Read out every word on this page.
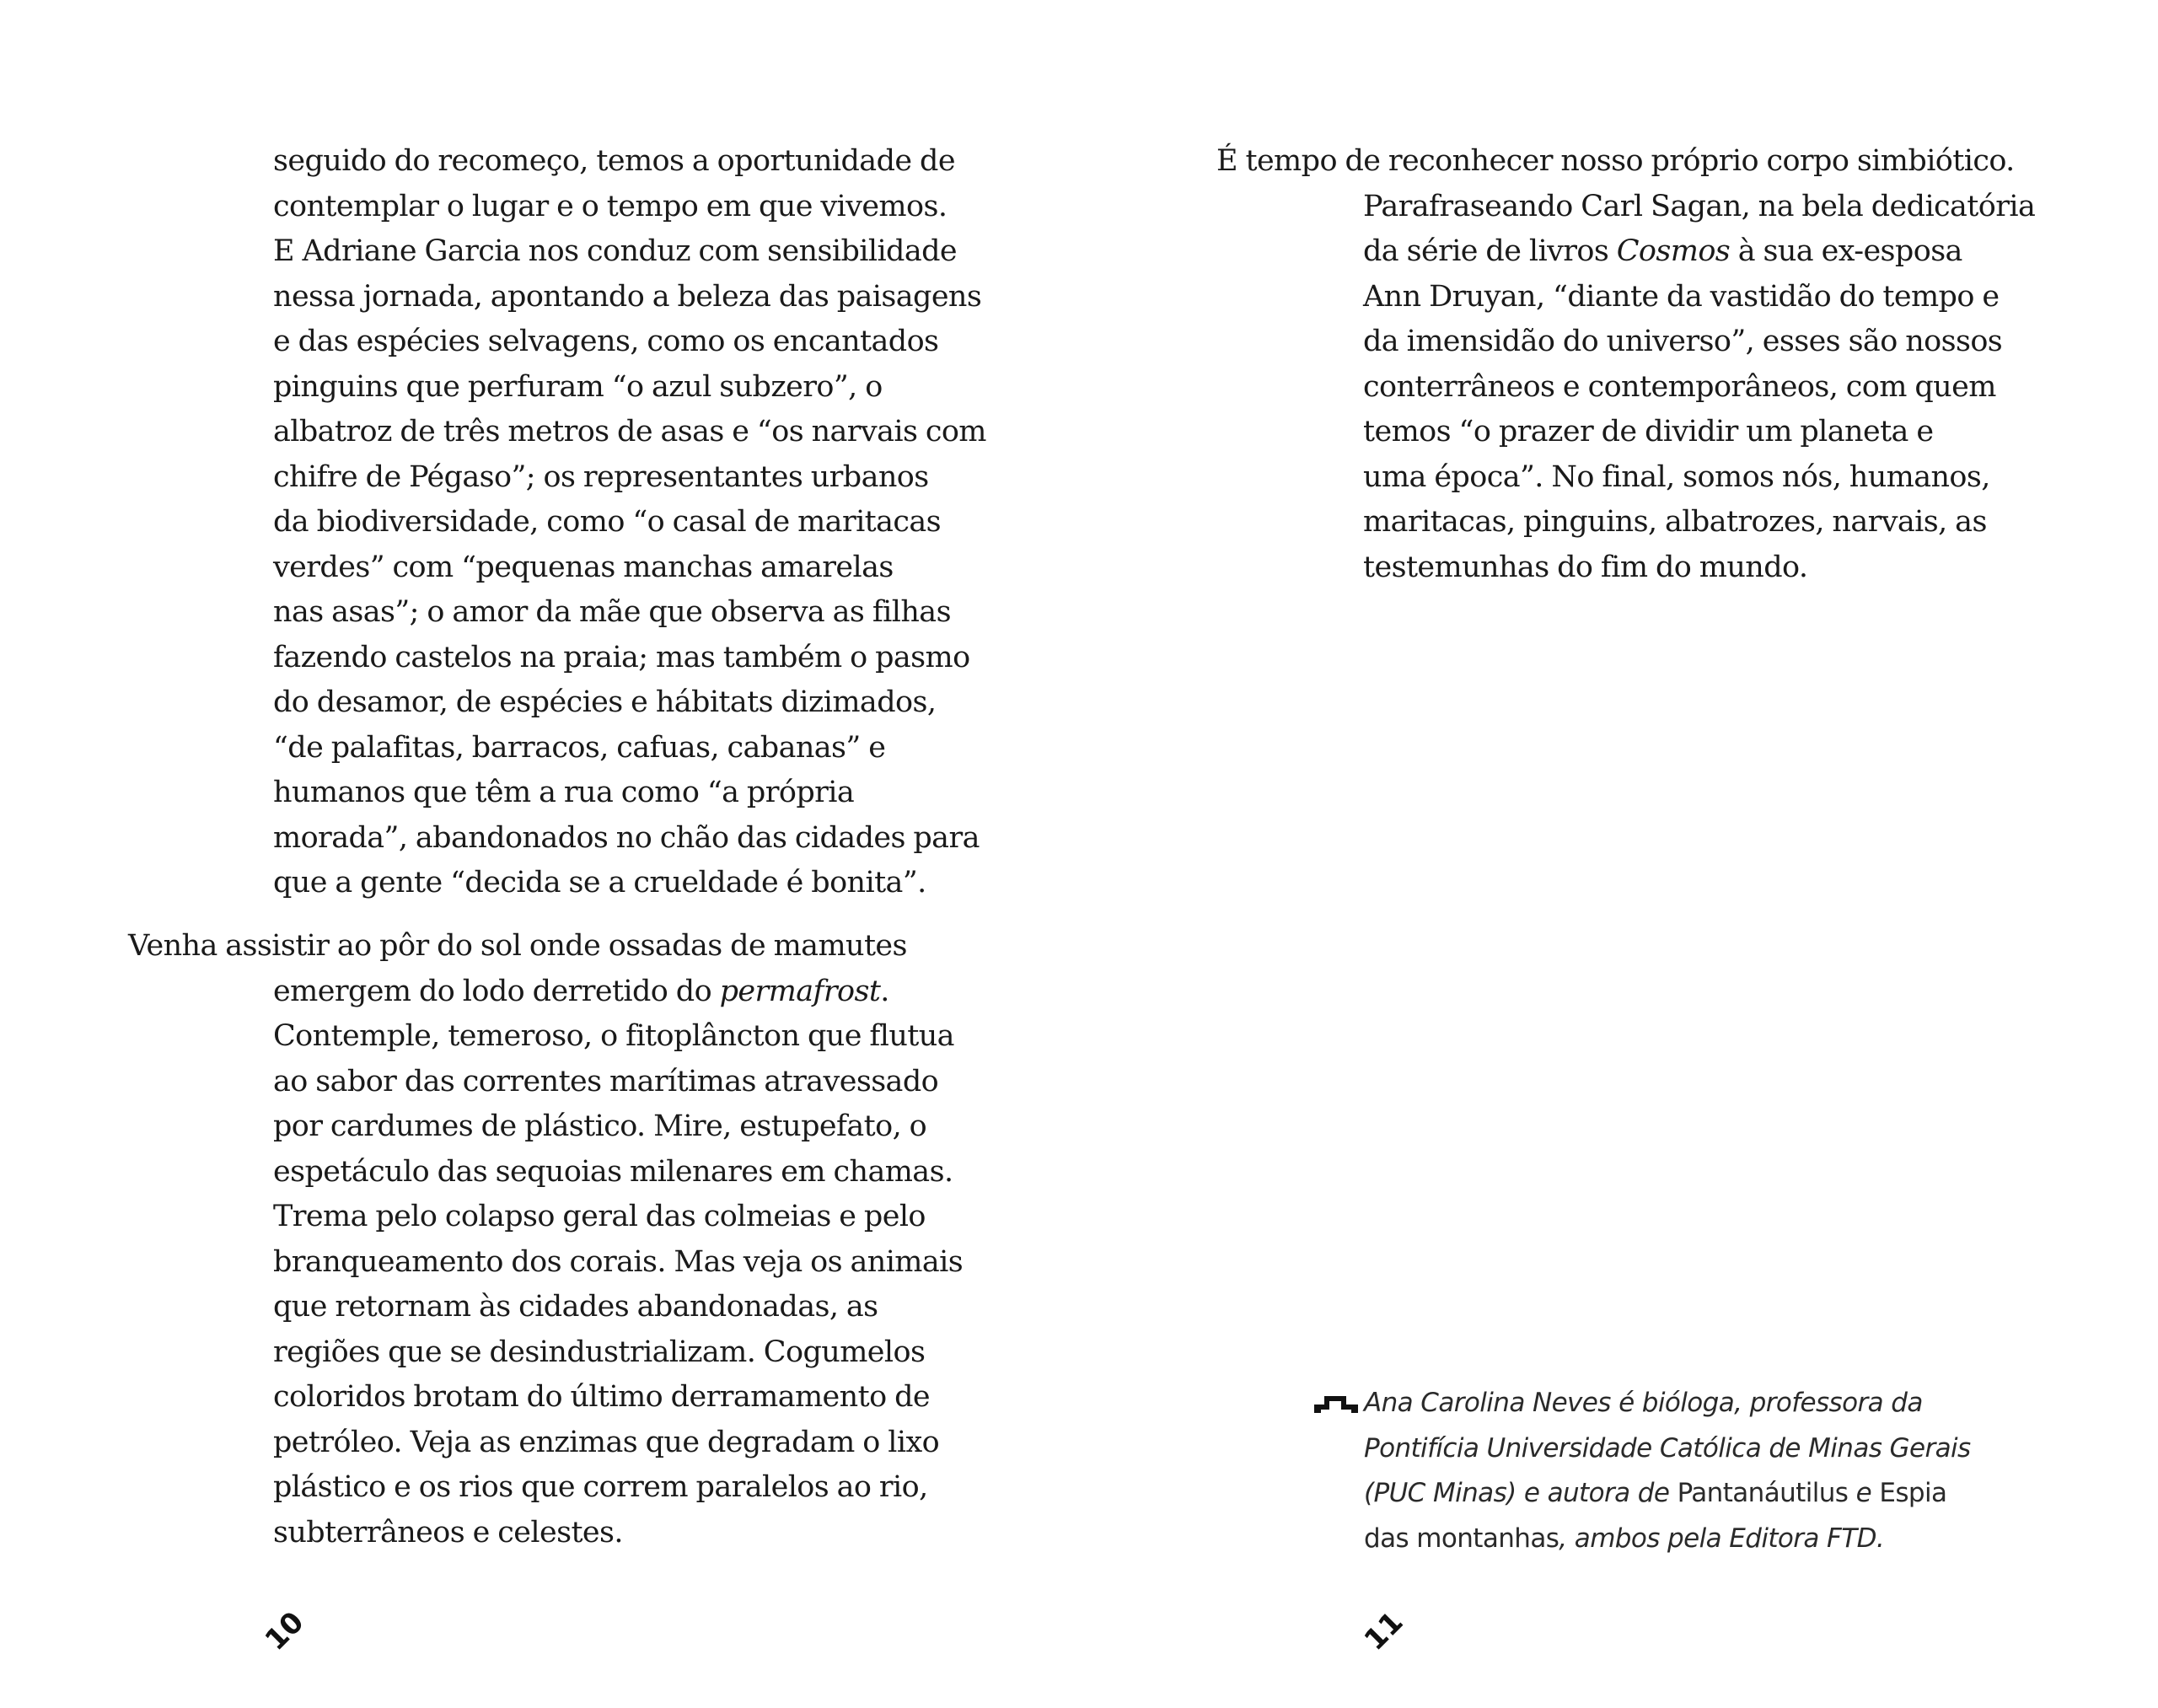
seguido do recomeço, temos a oportunidade de
contemplar o lugar e o tempo em que vivemos.
E Adriane Garcia nos conduz com sensibilidade
nessa jornada, apontando a beleza das paisagens
e das espécies selvagens, como os encantados
pinguins que perfuram “o azul subzero”, o
albatroz de três metros de asas e “os narvais com
chifre de Pégaso”; os representantes urbanos
da biodiversidade, como “o casal de maritacas
verdes” com “pequenas manchas amarelas
nas asas”; o amor da mãe que observa as filhas
fazendo castelos na praia; mas também o pasmo
do desamor, de espécies e hábitats dizimados,
“de palafitas, barracos, cafuas, cabanas” e
humanos que têm a rua como “a própria
morada”, abandonados no chão das cidades para
que a gente “decida se a crueldade é bonita”.
Venha assistir ao pôr do sol onde ossadas de mamutes
emergem do lodo derretido do permafrost.
Contemple, temeroso, o fitoplâncton que flutua
ao sabor das correntes marítimas atravessado
por cardumes de plástico. Mire, estupefato, o
espetáculo das sequoias milenares em chamas.
Trema pelo colapso geral das colmeias e pelo
branqueamento dos corais. Mas veja os animais
que retornam às cidades abandonadas, as
regiões que se desindustrializam. Cogumelos
coloridos brotam do último derramamento de
petróleo. Veja as enzimas que degradam o lixo
plástico e os rios que correm paralelos ao rio,
subterrâneos e celestes.
10
É tempo de reconhecer nosso próprio corpo simbiótico.
Parafraseando Carl Sagan, na bela dedicatória
da série de livros Cosmos à sua ex-esposa
Ann Druyan, “diante da vastidão do tempo e
da imensidão do universo”, esses são nossos
conterrâneos e contemporâneos, com quem
temos “o prazer de dividir um planeta e
uma época”. No final, somos nós, humanos,
maritacas, pinguins, albatrozes, narvais, as
testemunhas do fim do mundo.
Ana Carolina Neves é bióloga, professora da
Pontifícia Universidade Católica de Minas Gerais
(PUC Minas) e autora de Pantanáutilus e Espia
das montanhas, ambos pela Editora FTD.
11
